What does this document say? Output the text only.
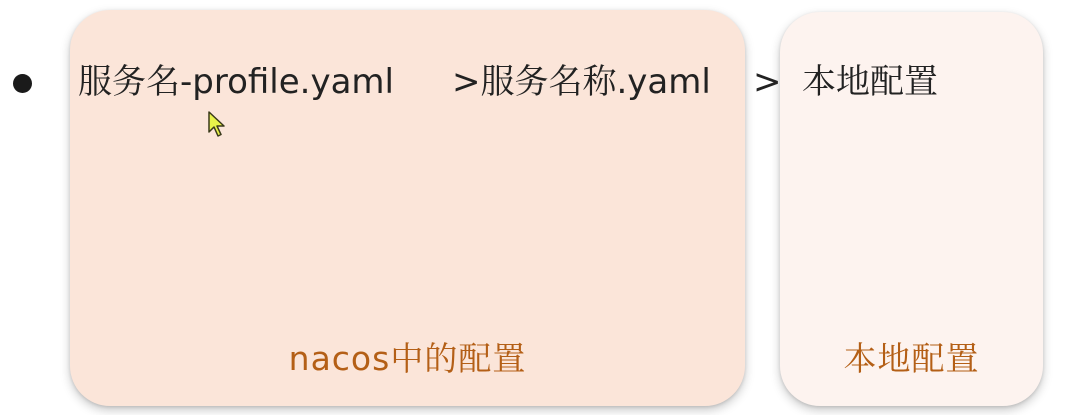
服务名-profile.yaml >服务名称.yaml > 本地配置
nacos中的配置	本地配置
